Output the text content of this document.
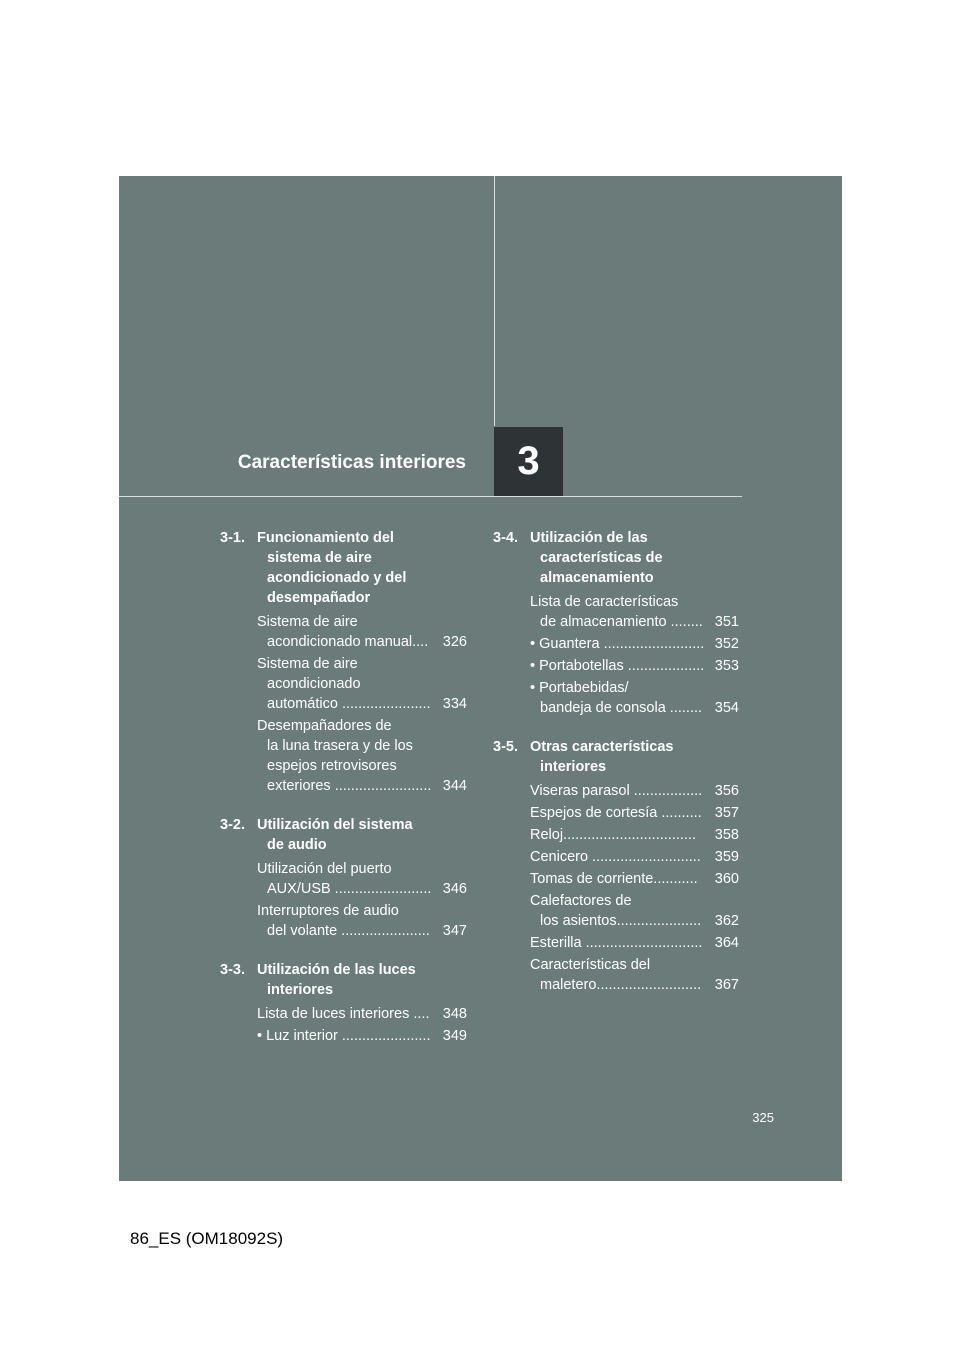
Características interiores 3
3-1. Funcionamiento del
sistema de aire
acondicionado y del
desempañador
Sistema de aire
acondicionado manual.... 326
Sistema de aire
acondicionado
automático ...................... 334
Desempañadores de
la luna trasera y de los
espejos retrovisores
exteriores ........................ 344
3-2. Utilización del sistema
de audio
Utilización del puerto
AUX/USB ........................ 346
Interruptores de audio
del volante ...................... 347
3-3. Utilización de las luces
interiores
Lista de luces interiores .... 348
• Luz interior ...................... 349
3-4. Utilización de las
características de
almacenamiento
Lista de características
de almacenamiento ........ 351
• Guantera ......................... 352
• Portabotellas ................... 353
• Portabebidas/
bandeja de consola ........ 354
3-5. Otras características
interiores
Viseras parasol ................. 356
Espejos de cortesía .......... 357
Reloj................................. 358
Cenicero ........................... 359
Tomas de corriente........... 360
Calefactores de
los asientos..................... 362
Esterilla ............................. 364
Características del
maletero.......................... 367
325
86_ES (OM18092S)
